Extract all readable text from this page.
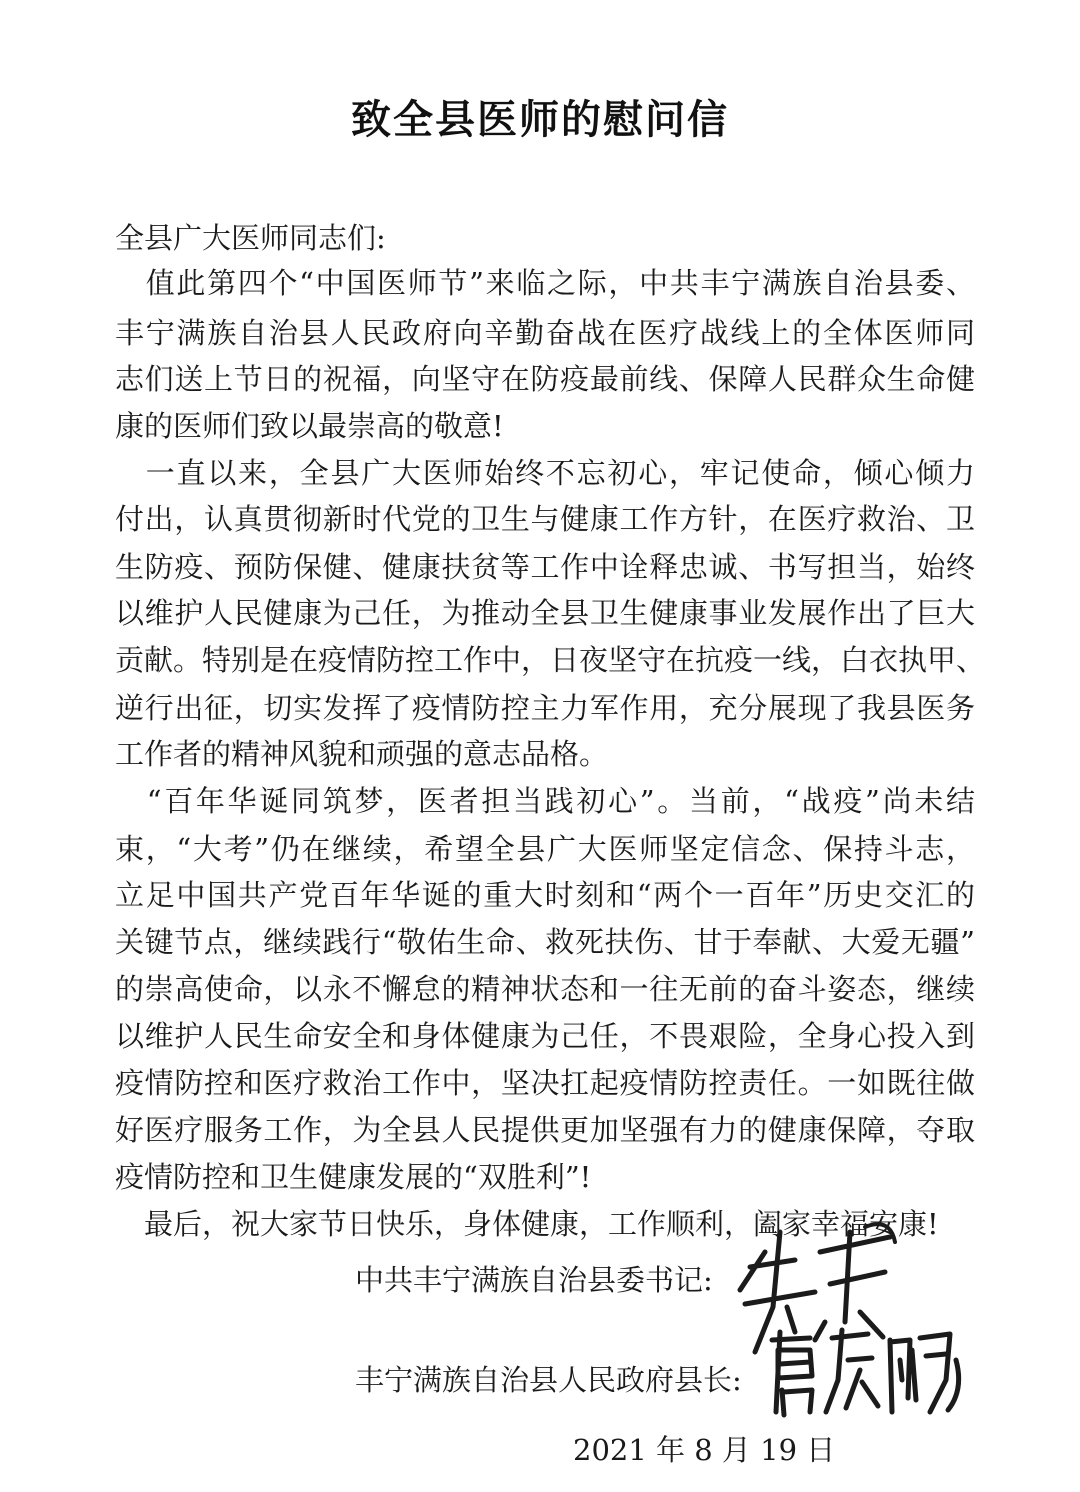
致全县医师的慰问信
全县广大医师同志们:
　值此第四个“中国医师节”来临之际，中共丰宁满族自治县委、
丰宁满族自治县人民政府向辛勤奋战在医疗战线上的全体医师同
志们送上节日的祝福，向坚守在防疫最前线、保障人民群众生命健
康的医师们致以最崇高的敬意!
　一直以来，全县广大医师始终不忘初心，牢记使命，倾心倾力
付出，认真贯彻新时代党的卫生与健康工作方针，在医疗救治、卫
生防疫、预防保健、健康扶贫等工作中诠释忠诚、书写担当，始终
以维护人民健康为己任，为推动全县卫生健康事业发展作出了巨大
贡献。特别是在疫情防控工作中，日夜坚守在抗疫一线，白衣执甲、
逆行出征，切实发挥了疫情防控主力军作用，充分展现了我县医务
工作者的精神风貌和顽强的意志品格。
　“百年华诞同筑梦，医者担当践初心”。当前，“战疫”尚未结
束，“大考”仍在继续，希望全县广大医师坚定信念、保持斗志，
立足中国共产党百年华诞的重大时刻和“两个一百年”历史交汇的
关键节点，继续践行“敬佑生命、救死扶伤、甘于奉献、大爱无疆”
的崇高使命，以永不懈怠的精神状态和一往无前的奋斗姿态，继续
以维护人民生命安全和身体健康为己任，不畏艰险，全身心投入到
疫情防控和医疗救治工作中，坚决扛起疫情防控责任。一如既往做
好医疗服务工作，为全县人民提供更加坚强有力的健康保障，夺取
疫情防控和卫生健康发展的“双胜利”!
　最后，祝大家节日快乐，身体健康，工作顺利，阖家幸福安康!
中共丰宁满族自治县委书记:
丰宁满族自治县人民政府县长:
2021 年 8 月 19 日
